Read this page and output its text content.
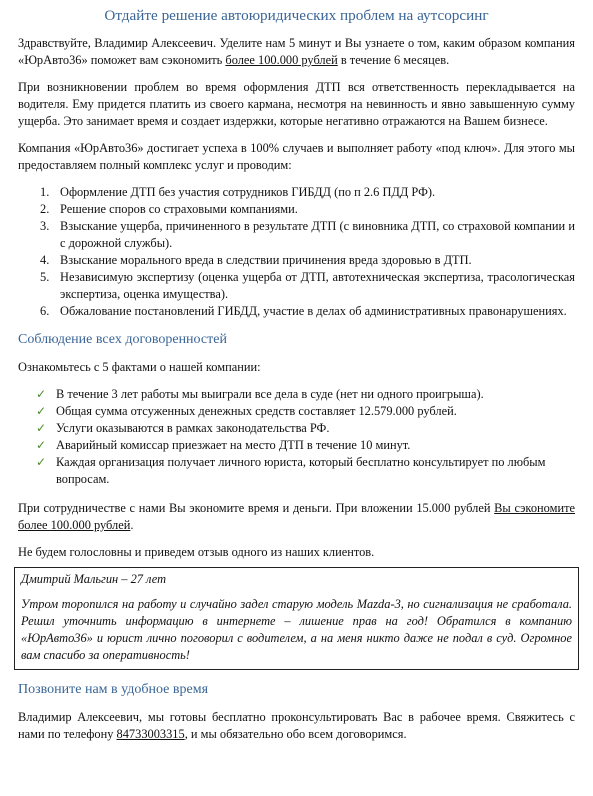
Отдайте решение автоюридических проблем на аутсорсинг

Здравствуйте, Владимир Алексеевич. Уделите нам 5 минут и Вы узнаете о том, каким образом компания «ЮрАвто36» поможет вам сэкономить более 100.000 рублей в течение 6 месяцев.

При возникновении проблем во время оформления ДТП вся ответственность перекладывается на водителя. Ему придется платить из своего кармана, несмотря на невинность и явно завышенную сумму ущерба. Это занимает время и создает издержки, которые негативно отражаются на Вашем бизнесе.

Компания «ЮрАвто36» достигает успеха в 100% случаев и выполняет работу «под ключ». Для этого мы предоставляем полный комплекс услуг и проводим:

1. Оформление ДТП без участия сотрудников ГИБДД (по п 2.6 ПДД РФ).
2. Решение споров со страховыми компаниями.
3. Взыскание ущерба, причиненного в результате ДТП (с виновника ДТП, со страховой компании и с дорожной службы).
4. Взыскание морального вреда в следствии причинения вреда здоровью в ДТП.
5. Независимую экспертизу (оценка ущерба от ДТП, автотехническая экспертиза, трасологическая экспертиза, оценка имущества).
6. Обжалование постановлений ГИБДД, участие в делах об административных правонарушениях.
Соблюдение всех договоренностей

Ознакомьтесь с 5 фактами о нашей компании:

✓ В течение 3 лет работы мы выиграли все дела в суде (нет ни одного проигрыша).
✓ Общая сумма отсуженных денежных средств составляет 12.579.000 рублей.
✓ Услуги оказываются в рамках законодательства РФ.
✓ Аварийный комиссар приезжает на место ДТП в течение 10 минут.
✓ Каждая организация получает личного юриста, который бесплатно консультирует по любым вопросам.

При сотрудничестве с нами Вы экономите время и деньги. При вложении 15.000 рублей Вы сэкономите более 100.000 рублей.

Не будем голословны и приведем отзыв одного из наших клиентов.

Дмитрий Мальгин – 27 лет

Утром торопился на работу и случайно задел старую модель Mazda-3, но сигнализация не сработала. Решил уточнить информацию в интернете – лишение прав на год! Обратился в компанию «ЮрАвто36» и юрист лично поговорил с водителем, а на меня никто даже не подал в суд. Огромное вам спасибо за оперативность!

Позвоните нам в удобное время

Владимир Алексеевич, мы готовы бесплатно проконсультировать Вас в рабочее время. Свяжитесь с нами по телефону 84733003315, и мы обязательно обо всем договоримся.
